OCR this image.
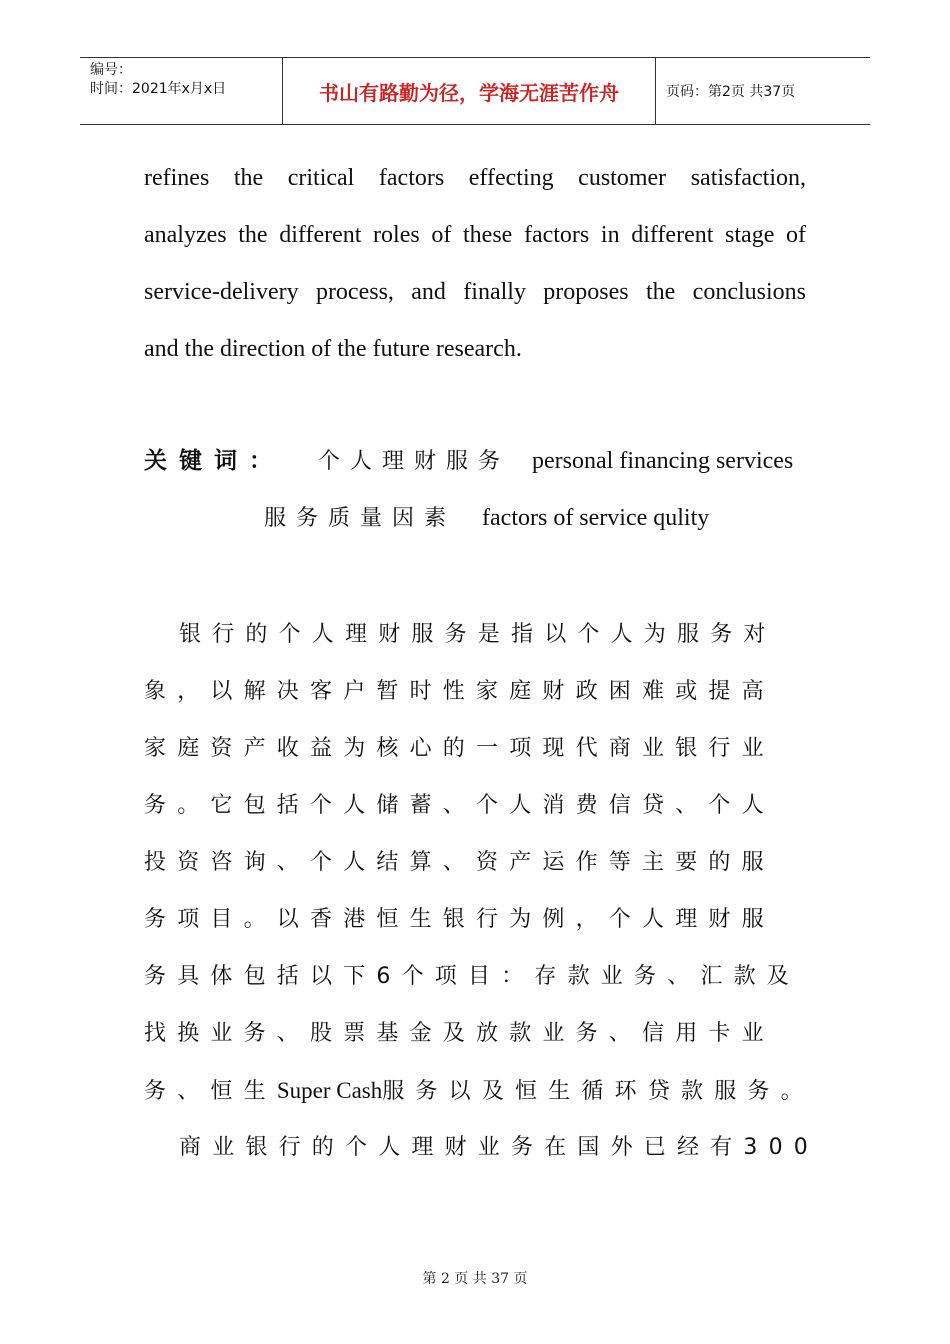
编号：
时间：2021年x月x日	书山有路勤为径，学海无涯苦作舟	页码：第2页 共37页

refines the critical factors effecting customer satisfaction,
analyzes the different roles of these factors in different stage of
service-delivery process, and finally proposes the conclusions
and the direction of the future research.

关键词： 个人理财服务 personal financing services
服务质量因素 factors of service qulity
银行的个人理财服务是指以个人为服务对
象，以解决客户暂时性家庭财政困难或提高
家庭资产收益为核心的一项现代商业银行业
务。它包括个人储蓄、个人消费信贷、个人
投资咨询、个人结算、资产运作等主要的服
务项目。以香港恒生银行为例，个人理财服
务具体包括以下6个项目：存款业务、汇款及
找换业务、股票基金及放款业务、信用卡业
务、恒生Super Cash服务以及恒生循环贷款服务。
商业银行的个人理财业务在国外已经有300
第 2 页 共 37 页
